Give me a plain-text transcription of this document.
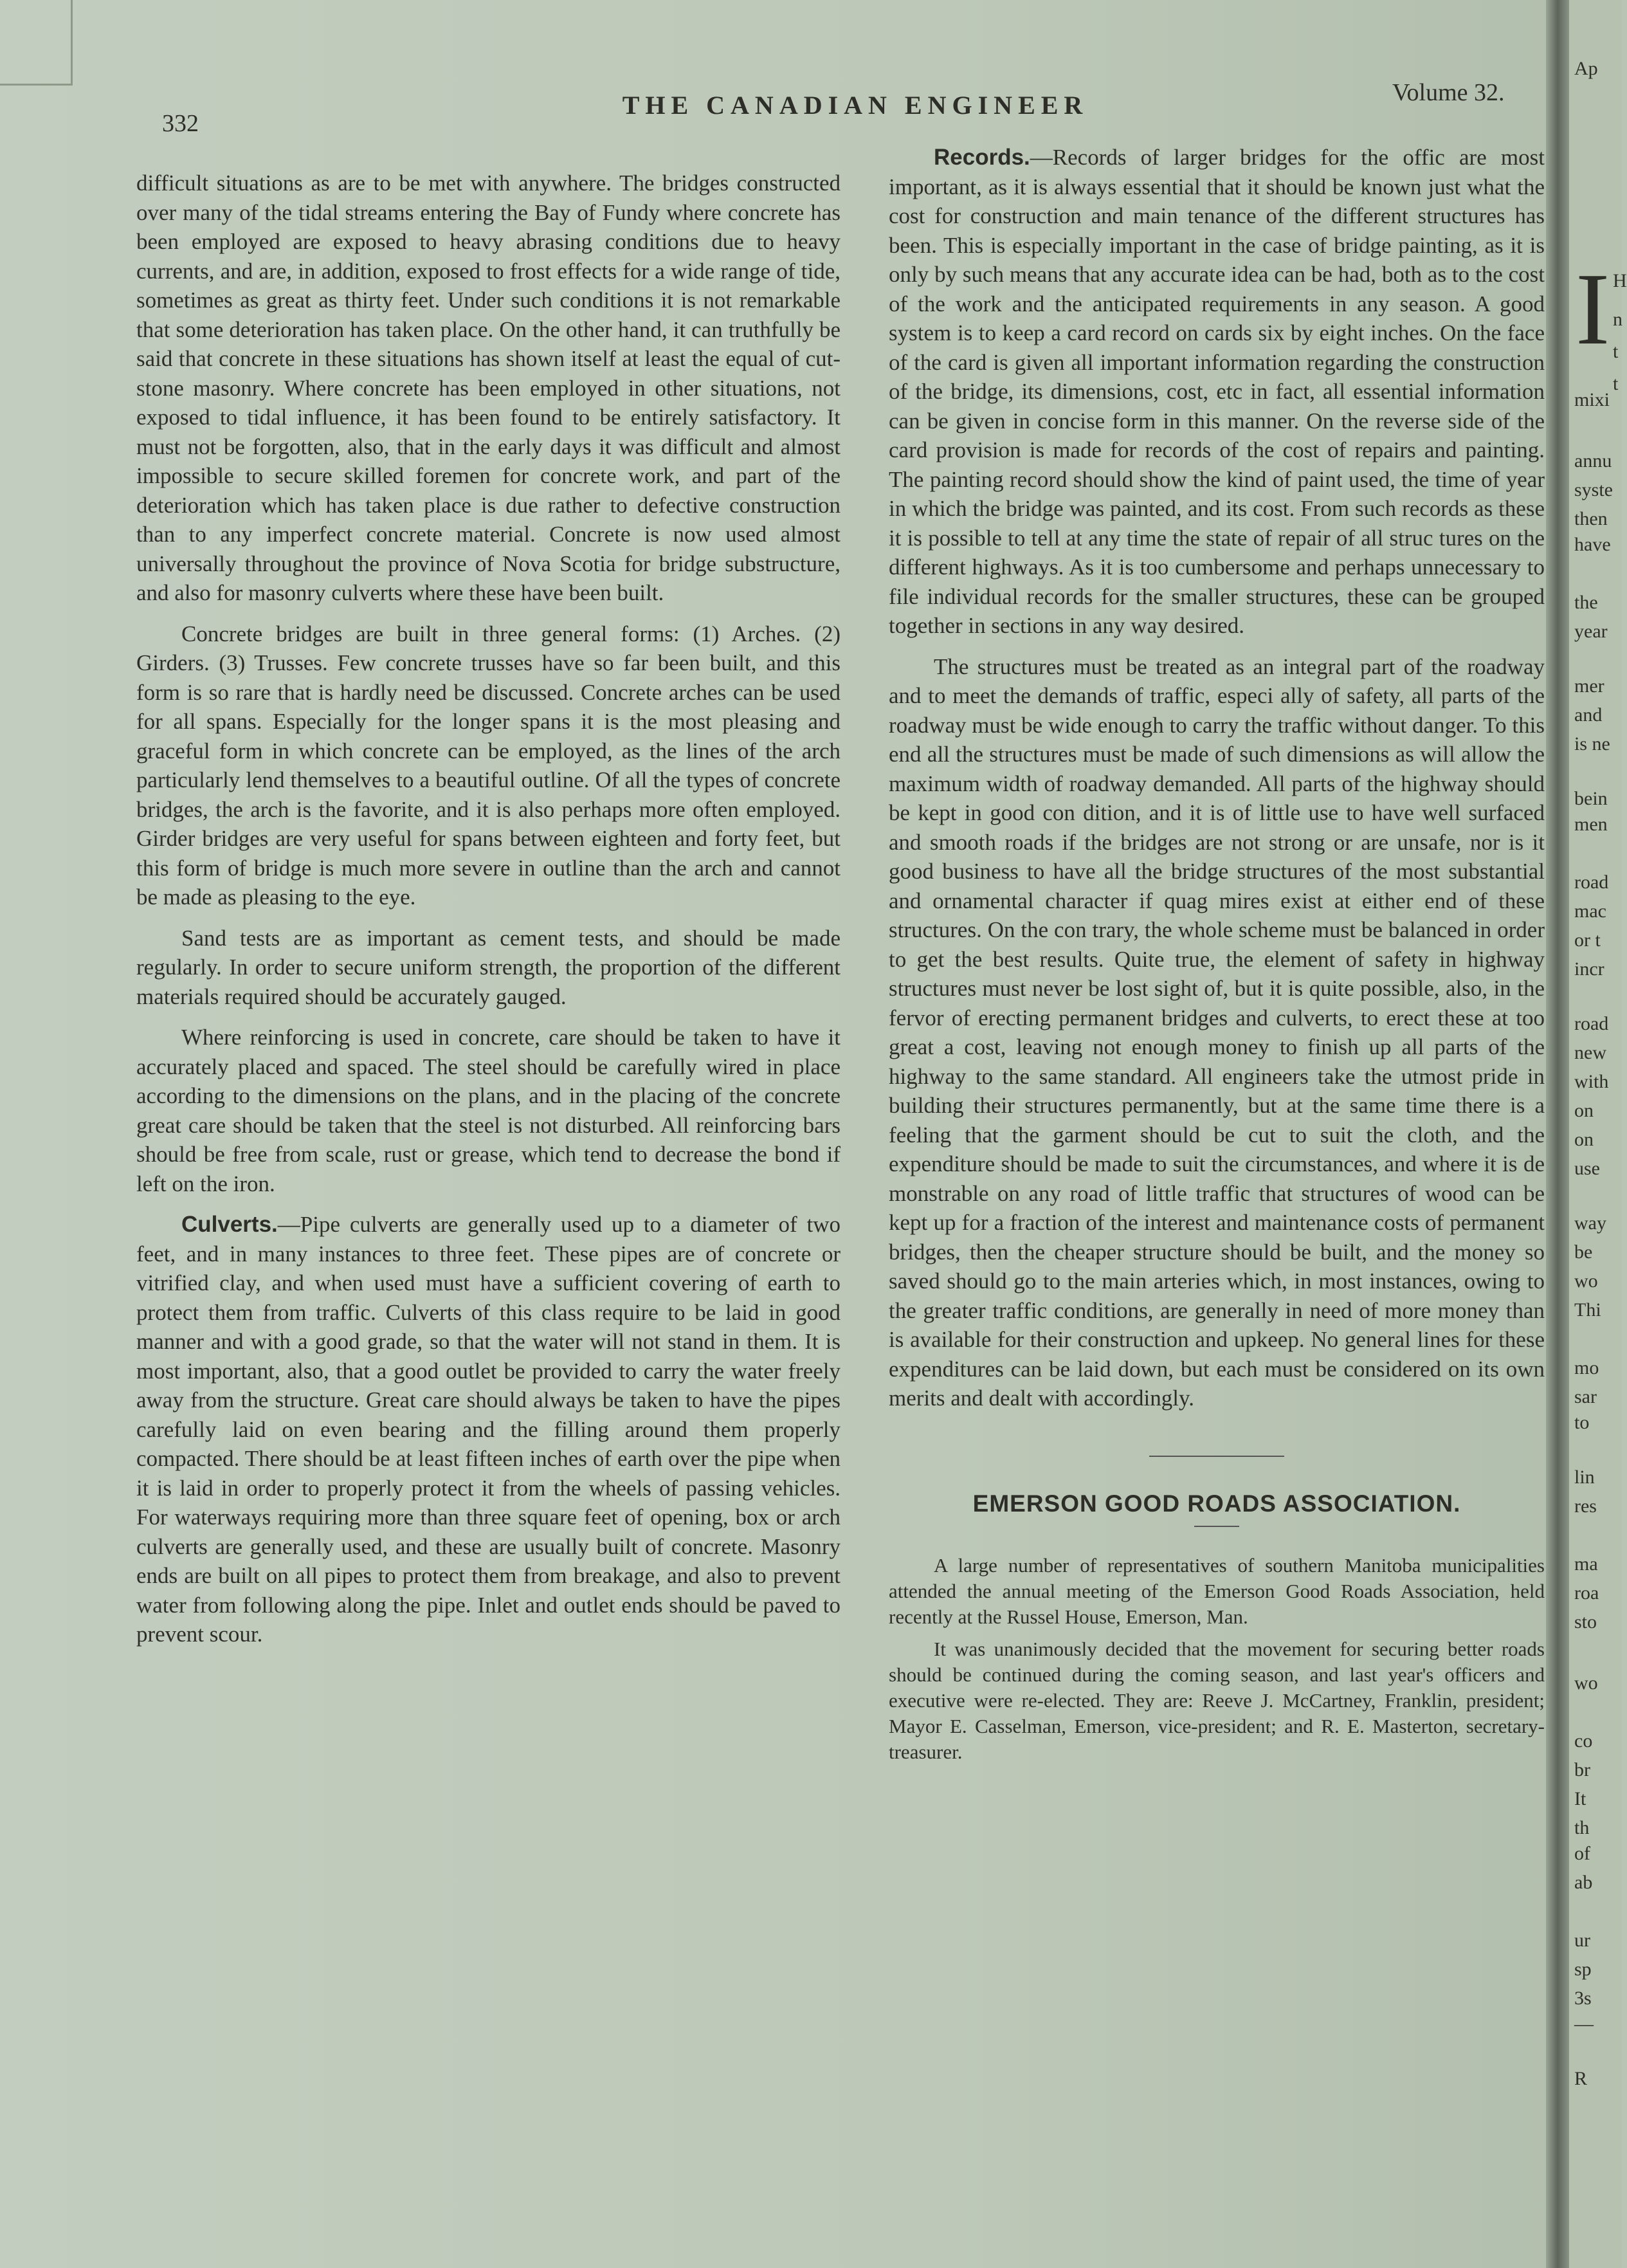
332
THE CANADIAN ENGINEER	Volume 32.

difficult situations as are to be met with anywhere. The bridges constructed over many of the tidal streams entering the Bay of Fundy where concrete has been employed are exposed to heavy abrasing conditions due to heavy currents, and are, in addition, exposed to frost effects for a wide range of tide, sometimes as great as thirty feet. Under such conditions it is not remarkable that some deterioration has taken place. On the other hand, it can truthfully be said that concrete in these situations has shown itself at least the equal of cut-stone masonry. Where concrete has been employed in other situations, not exposed to tidal influence, it has been found to be entirely satisfactory. It must not be forgotten, also, that in the early days it was difficult and almost impossible to secure skilled foremen for concrete work, and part of the deterioration which has taken place is due rather to defective construction than to any imperfect concrete material. Concrete is now used almost universally throughout the province of Nova Scotia for bridge substructure, and also for masonry culverts where these have been built.

Concrete bridges are built in three general forms: (1) Arches. (2) Girders. (3) Trusses. Few concrete trusses have so far been built, and this form is so rare that is hardly need be discussed. Concrete arches can be used for all spans. Especially for the longer spans it is the most pleasing and graceful form in which concrete can be employed, as the lines of the arch particularly lend themselves to a beautiful outline. Of all the types of concrete bridges, the arch is the favorite, and it is also perhaps more often employed. Girder bridges are very useful for spans between eighteen and forty feet, but this form of bridge is much more severe in outline than the arch and cannot be made as pleasing to the eye.

Sand tests are as important as cement tests, and should be made regularly. In order to secure uniform strength, the proportion of the different materials required should be accurately gauged.

Where reinforcing is used in concrete, care should be taken to have it accurately placed and spaced. The steel should be carefully wired in place according to the dimensions on the plans, and in the placing of the concrete great care should be taken that the steel is not disturbed. All reinforcing bars should be free from scale, rust or grease, which tend to decrease the bond if left on the iron.

Culverts.—Pipe culverts are generally used up to a diameter of two feet, and in many instances to three feet. These pipes are of concrete or vitrified clay, and when used must have a sufficient covering of earth to protect them from traffic. Culverts of this class require to be laid in good manner and with a good grade, so that the water will not stand in them. It is most important, also, that a good outlet be provided to carry the water freely away from the structure. Great care should always be taken to have the pipes carefully laid on even bearing and the filling around them properly compacted. There should be at least fifteen inches of earth over the pipe when it is laid in order to properly protect it from the wheels of passing vehicles. For waterways requiring more than three square feet of opening, box or arch culverts are generally used, and these are usually built of concrete. Masonry ends are built on all pipes to protect them from breakage, and also to prevent water from following along the pipe. Inlet and outlet ends should be paved to prevent scour.

Records.—Records of larger bridges for the offic are most important, as it is always essential that it should be known just what the cost for construction and main tenance of the different structures has been. This is especially important in the case of bridge painting, as it is only by such means that any accurate idea can be had, both as to the cost of the work and the anticipated requirements in any season. A good system is to keep a card record on cards six by eight inches. On the face of the card is given all important information regarding the construction of the bridge, its dimensions, cost, etc in fact, all essential information can be given in concise form in this manner. On the reverse side of the card provision is made for records of the cost of repairs and painting. The painting record should show the kind of paint used, the time of year in which the bridge was painted, and its cost. From such records as these it is possible to tell at any time the state of repair of all struc tures on the different highways. As it is too cumbersome and perhaps unnecessary to file individual records for the smaller structures, these can be grouped together in sections in any way desired.

The structures must be treated as an integral part of the roadway and to meet the demands of traffic, especi ally of safety, all parts of the roadway must be wide enough to carry the traffic without danger. To this end all the structures must be made of such dimensions as will allow the maximum width of roadway demanded. All parts of the highway should be kept in good con dition, and it is of little use to have well surfaced and smooth roads if the bridges are not strong or are unsafe, nor is it good business to have all the bridge structures of the most substantial and ornamental character if quag mires exist at either end of these structures. On the con trary, the whole scheme must be balanced in order to get the best results. Quite true, the element of safety in highway structures must never be lost sight of, but it is quite possible, also, in the fervor of erecting permanent bridges and culverts, to erect these at too great a cost, leaving not enough money to finish up all parts of the highway to the same standard. All engineers take the utmost pride in building their structures permanently, but at the same time there is a feeling that the garment should be cut to suit the cloth, and the expenditure should be made to suit the circumstances, and where it is de monstrable on any road of little traffic that structures of wood can be kept up for a fraction of the interest and maintenance costs of permanent bridges, then the cheaper structure should be built, and the money so saved should go to the main arteries which, in most instances, owing to the greater traffic conditions, are generally in need of more money than is available for their construction and upkeep. No general lines for these expenditures can be laid down, but each must be considered on its own merits and dealt with accordingly.

EMERSON GOOD ROADS ASSOCIATION.

A large number of representatives of southern Manitoba municipalities attended the annual meeting of the Emerson Good Roads Association, held recently at the Russel House, Emerson, Man.

It was unanimously decided that the movement for securing better roads should be continued during the coming season, and last year's officers and executive were re-elected. They are: Reeve J. McCartney, Franklin, president; Mayor E. Casselman, Emerson, vice-president; and R. E. Masterton, secretary-treasurer.

Ap
H
n
t
t
mixi
annu
syste
then
have
the
year
mer
and
is ne
bein
men
road
mac
or t
incr
road
new
with
on
on
use
way
be
wo
Thi
mo
sar
to
lin
res
ma
roa
sto
wo
co
br
It
th
of
ab
ur
sp
3s
—
R
I
